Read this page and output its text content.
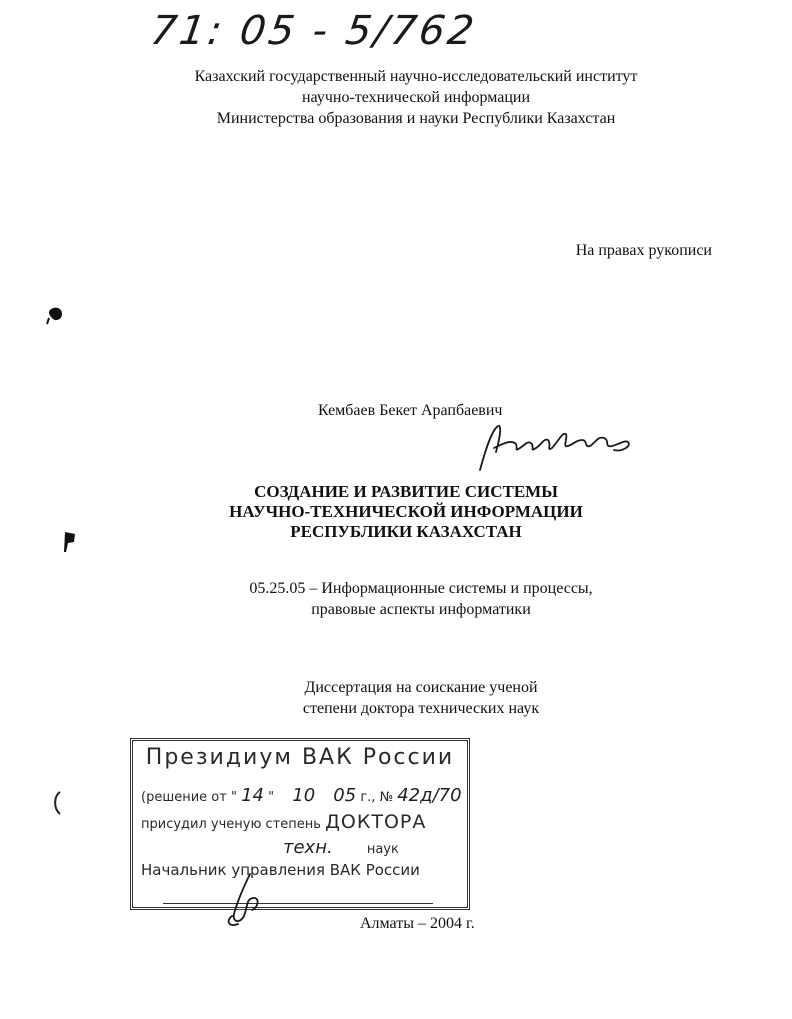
71: 05 - 5/762
Казахский государственный научно-исследовательский институт
научно-технической информации
Министерства образования и науки Республики Казахстан
На правах рукописи
Кембаев Бекет Арапбаевич
СОЗДАНИЕ И РАЗВИТИЕ СИСТЕМЫ
НАУЧНО-ТЕХНИЧЕСКОЙ ИНФОРМАЦИИ
РЕСПУБЛИКИ КАЗАХСТАН
05.25.05 – Информационные системы и процессы,
правовые аспекты информатики
Диссертация на соискание ученой
степени доктора технических наук
Президиум ВАК России
(решение от " 14 " 10 05 г., № 42д/70
присудил ученую степень ДОКТОРА
техн.	наук
Начальник управления ВАК России
Алматы – 2004 г.
